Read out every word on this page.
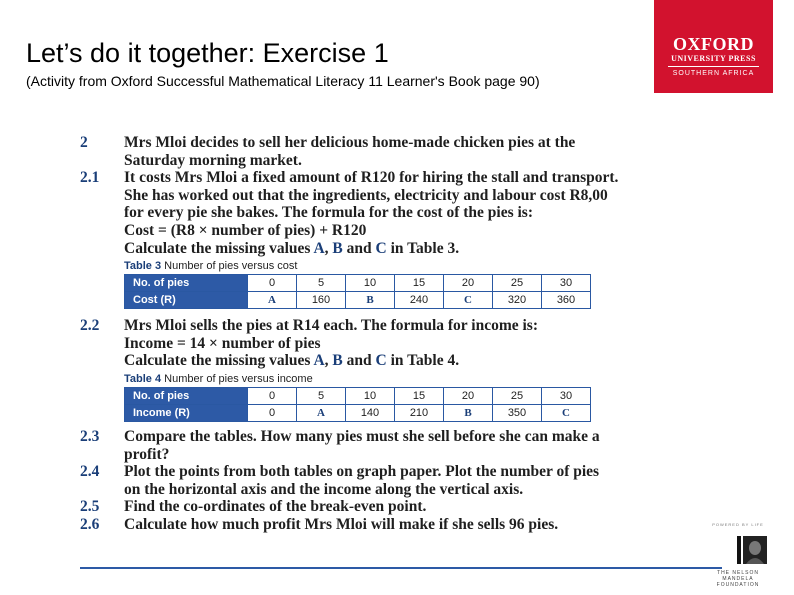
Let’s do it together: Exercise 1
(Activity from Oxford Successful Mathematical Literacy 11 Learner's Book page 90)
OXFORD
UNIVERSITY PRESS
SOUTHERN AFRICA
2 Mrs Mloi decides to sell her delicious home-made chicken pies at the
Saturday morning market.
2.1 It costs Mrs Mloi a fixed amount of R120 for hiring the stall and transport.
She has worked out that the ingredients, electricity and labour cost R8,00
for every pie she bakes. The formula for the cost of the pies is:
Cost = (R8 × number of pies) + R120
Calculate the missing values A, B and C in Table 3.
Table 3 Number of pies versus cost
No. of pies	0	5	10	15	20	25	30
Cost (R)	A	160	B	240	C	320	360
2.2 Mrs Mloi sells the pies at R14 each. The formula for income is:
Income = 14 × number of pies
Calculate the missing values A, B and C in Table 4.
Table 4 Number of pies versus income
No. of pies	0	5	10	15	20	25	30
Income (R)	0	A	140	210	B	350	C
2.3 Compare the tables. How many pies must she sell before she can make a
profit?
2.4 Plot the points from both tables on graph paper. Plot the number of pies
on the horizontal axis and the income along the vertical axis.
2.5 Find the co-ordinates of the break-even point.
2.6 Calculate how much profit Mrs Mloi will make if she sells 96 pies.	POWERED BY LIFE
THE NELSON MANDELA
FOUNDATION
